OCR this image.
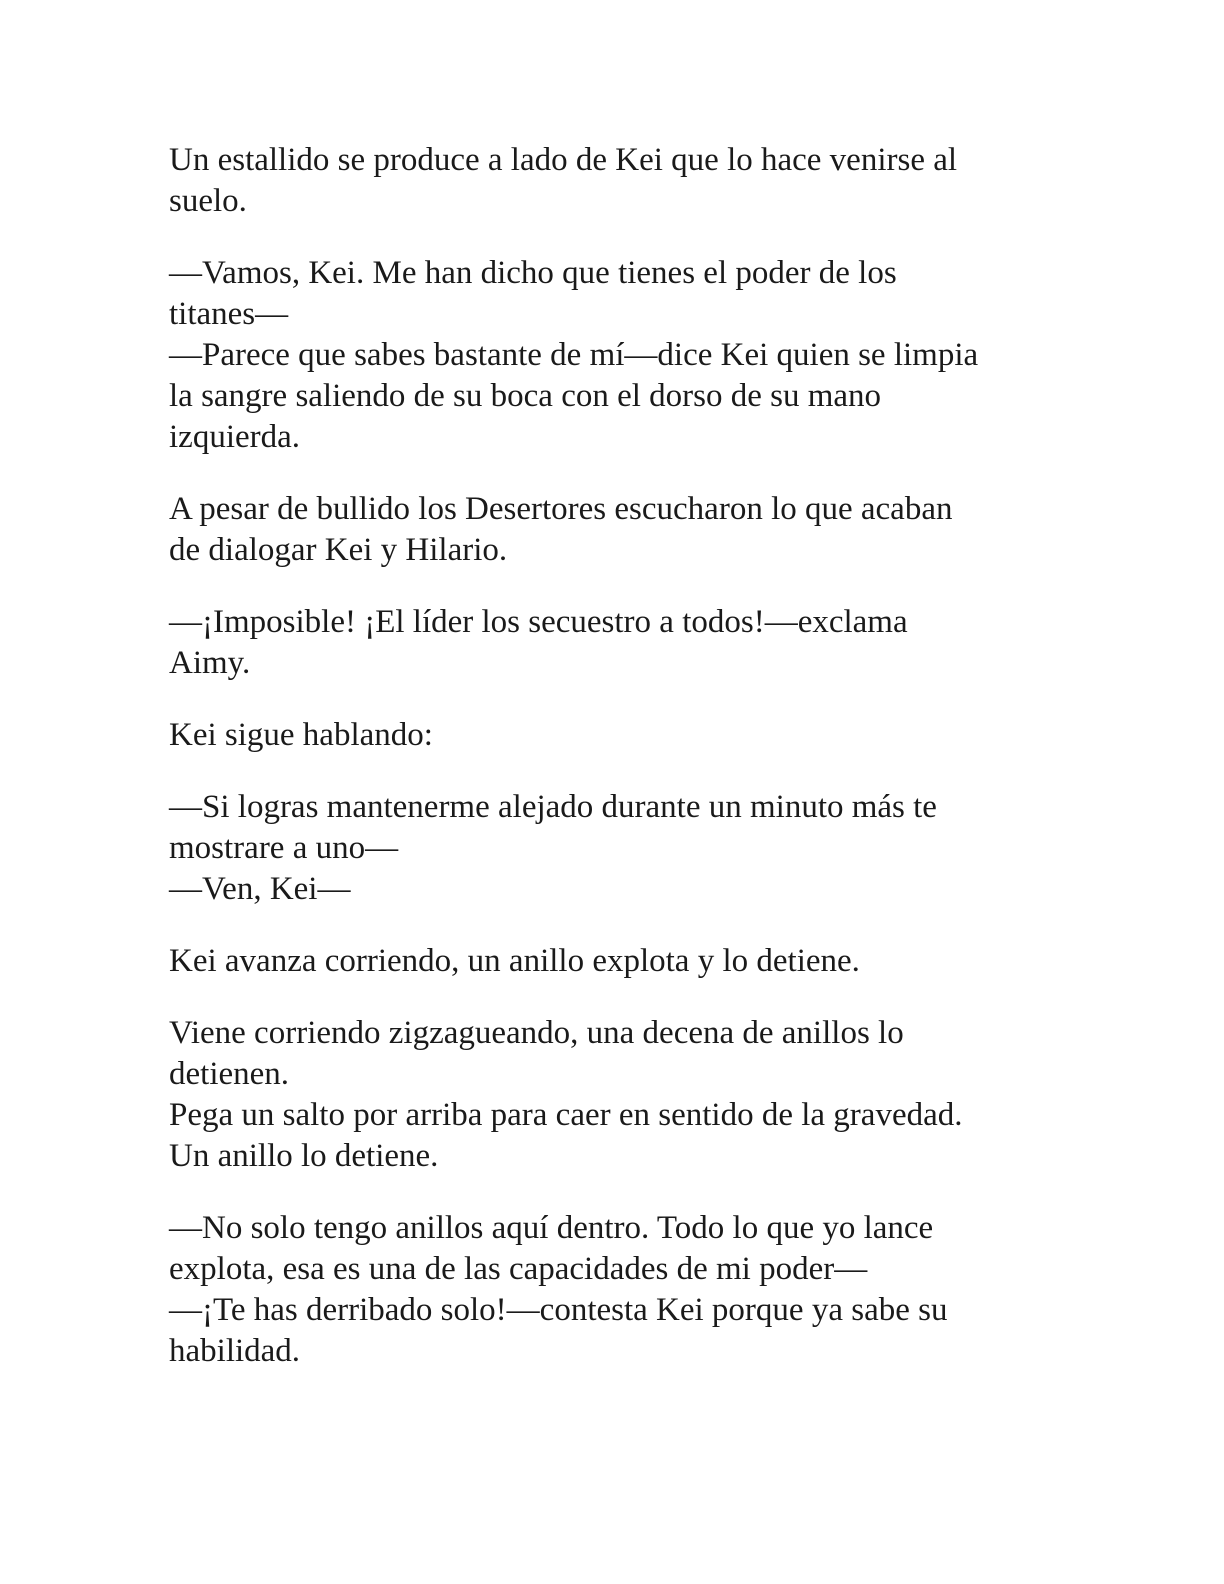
Un estallido se produce a lado de Kei que lo hace venirse al
suelo.

—Vamos, Kei. Me han dicho que tienes el poder de los
titanes—
—Parece que sabes bastante de mí—dice Kei quien se limpia
la sangre saliendo de su boca con el dorso de su mano
izquierda.

A pesar de bullido los Desertores escucharon lo que acaban
de dialogar Kei y Hilario.

—¡Imposible! ¡El líder los secuestro a todos!—exclama
Aimy.

Kei sigue hablando:

—Si logras mantenerme alejado durante un minuto más te
mostrare a uno—
—Ven, Kei—

Kei avanza corriendo, un anillo explota y lo detiene.

Viene corriendo zigzagueando, una decena de anillos lo
detienen.
Pega un salto por arriba para caer en sentido de la gravedad.
Un anillo lo detiene.

—No solo tengo anillos aquí dentro. Todo lo que yo lance
explota, esa es una de las capacidades de mi poder—
—¡Te has derribado solo!—contesta Kei porque ya sabe su
habilidad.
